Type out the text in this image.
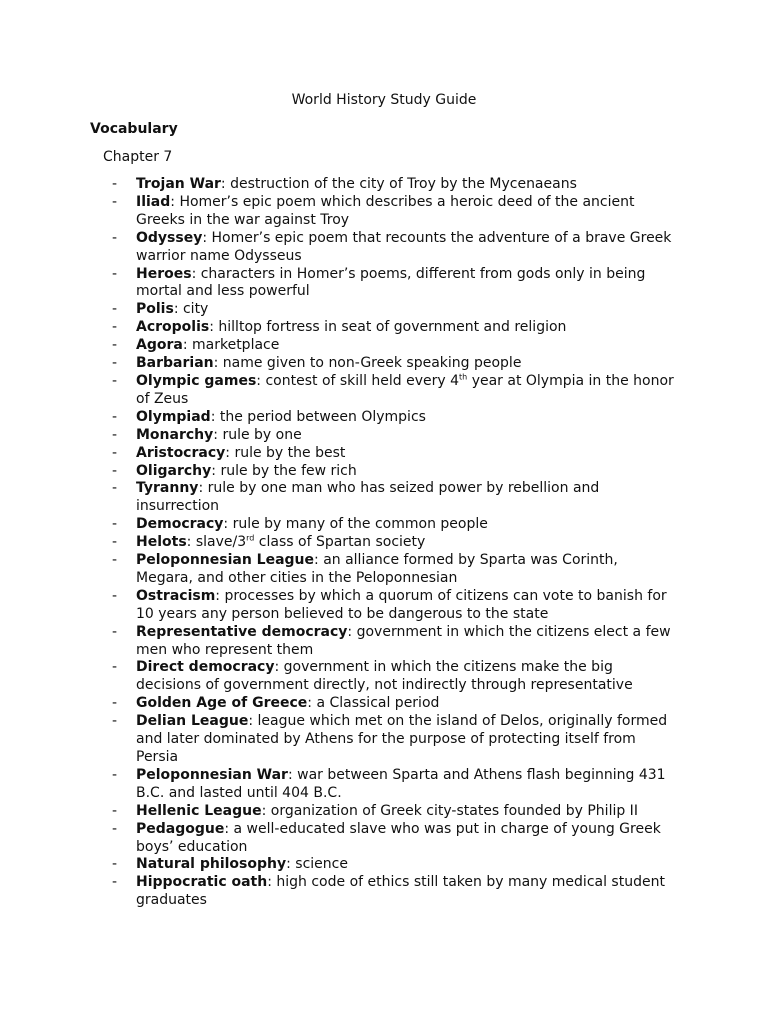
World History Study Guide
Vocabulary
Chapter 7
- Trojan War: destruction of the city of Troy by the Mycenaeans
- Iliad: Homer’s epic poem which describes a heroic deed of the ancient Greeks in the war against Troy
- Odyssey: Homer’s epic poem that recounts the adventure of a brave Greek warrior name Odysseus
- Heroes: characters in Homer’s poems, different from gods only in being mortal and less powerful
- Polis: city
- Acropolis: hilltop fortress in seat of government and religion
- Agora: marketplace
- Barbarian: name given to non-Greek speaking people
- Olympic games: contest of skill held every 4th year at Olympia in the honor of Zeus
- Olympiad: the period between Olympics
- Monarchy: rule by one
- Aristocracy: rule by the best
- Oligarchy: rule by the few rich
- Tyranny: rule by one man who has seized power by rebellion and insurrection
- Democracy: rule by many of the common people
- Helots: slave/3rd class of Spartan society
- Peloponnesian League: an alliance formed by Sparta was Corinth, Megara, and other cities in the Peloponnesian
- Ostracism: processes by which a quorum of citizens can vote to banish for 10 years any person believed to be dangerous to the state
- Representative democracy: government in which the citizens elect a few men who represent them
- Direct democracy: government in which the citizens make the big decisions of government directly, not indirectly through representative
- Golden Age of Greece: a Classical period
- Delian League: league which met on the island of Delos, originally formed and later dominated by Athens for the purpose of protecting itself from Persia
- Peloponnesian War: war between Sparta and Athens flash beginning 431 B.C. and lasted until 404 B.C.
- Hellenic League: organization of Greek city-states founded by Philip II
- Pedagogue: a well-educated slave who was put in charge of young Greek boys’ education
- Natural philosophy: science
- Hippocratic oath: high code of ethics still taken by many medical student graduates
